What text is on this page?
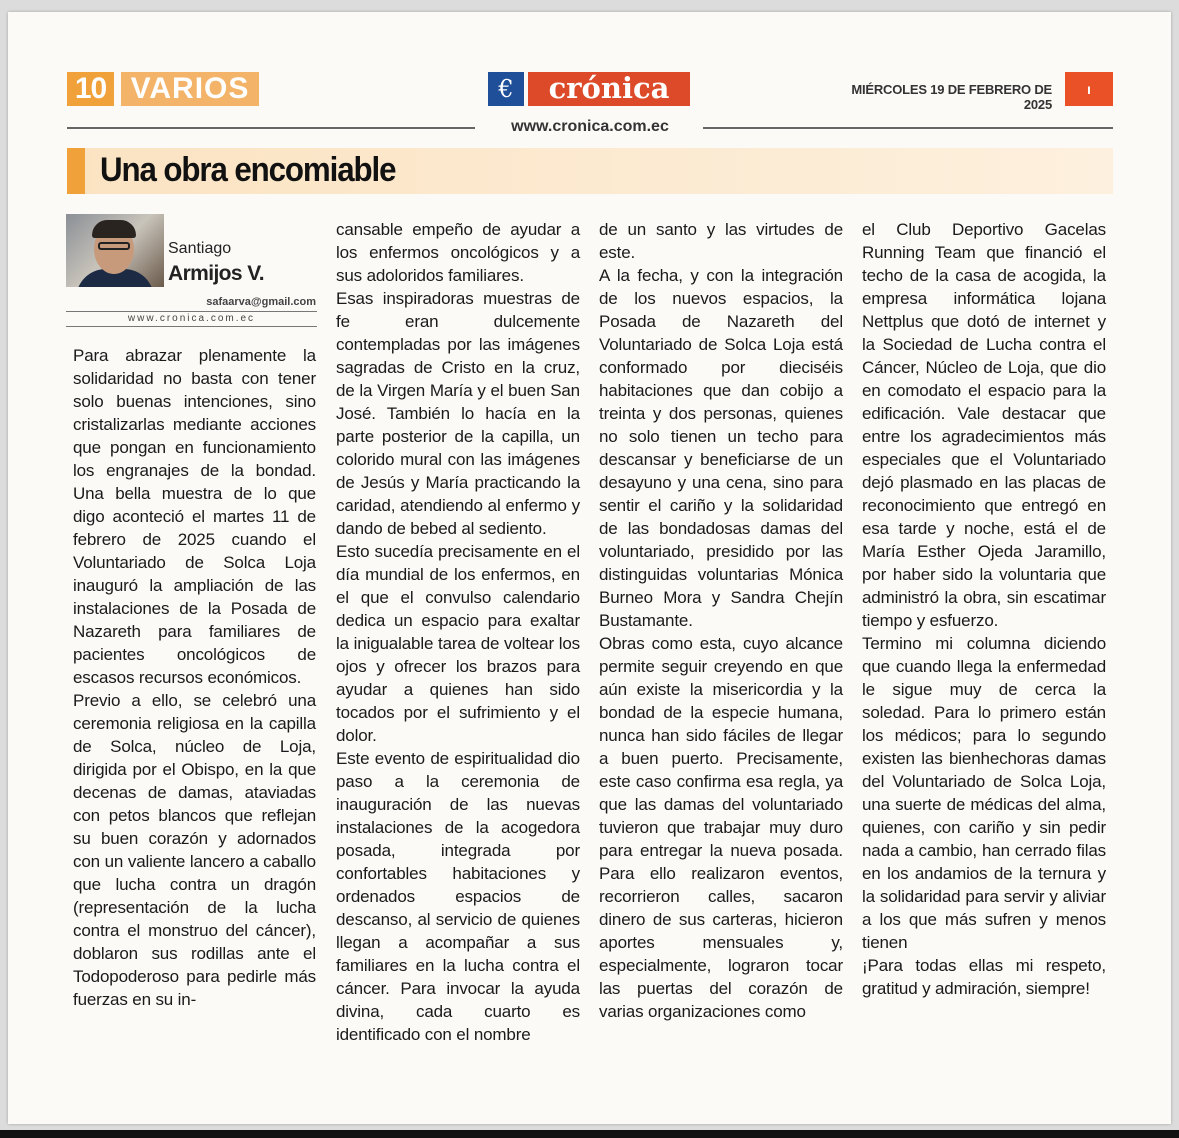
10 VARIOS	€	crónica	MIÉRCOLES 19 DE FEBRERO DE 2025
ı
www.cronica.com.ec
Una obra encomiable
Santiago
Armijos V.
safaarva@gmail.com
www.cronica.com.ec

Para abrazar plenamente la solidaridad no basta con tener solo buenas intenciones, sino cristalizarlas mediante acciones que pongan en funcionamiento los engranajes de la bondad. Una bella muestra de lo que digo aconteció el martes 11 de febrero de 2025 cuando el Voluntariado de Solca Loja inauguró la ampliación de las instalaciones de la Posada de Nazareth para familiares de pacientes oncológicos de escasos recursos económicos.

Previo a ello, se celebró una ceremonia religiosa en la capilla de Solca, núcleo de Loja, dirigida por el Obispo, en la que decenas de damas, ataviadas con petos blancos que reflejan su buen corazón y adornados con un valiente lancero a caballo que lucha contra un dragón (representación de la lucha contra el monstruo del cáncer), doblaron sus rodillas ante el Todopoderoso para pedirle más fuerzas en su in-

cansable empeño de ayudar a los enfermos oncológicos y a sus adoloridos familiares.

Esas inspiradoras muestras de fe eran dulcemente contempladas por las imágenes sagradas de Cristo en la cruz, de la Virgen María y el buen San José. También lo hacía en la parte posterior de la capilla, un colorido mural con las imágenes de Jesús y María practicando la caridad, atendiendo al enfermo y dando de bebed al sediento.

Esto sucedía precisamente en el día mundial de los enfermos, en el que el convulso calendario dedica un espacio para exaltar la inigualable tarea de voltear los ojos y ofrecer los brazos para ayudar a quienes han sido tocados por el sufrimiento y el dolor.

Este evento de espiritualidad dio paso a la ceremonia de inauguración de las nuevas instalaciones de la acogedora posada, integrada por confortables habitaciones y ordenados espacios de descanso, al servicio de quienes llegan a acompañar a sus familiares en la lucha contra el cáncer. Para invocar la ayuda divina, cada cuarto es identificado con el nombre

de un santo y las virtudes de este.

A la fecha, y con la integración de los nuevos espacios, la Posada de Nazareth del Voluntariado de Solca Loja está conformado por dieciséis habitaciones que dan cobijo a treinta y dos personas, quienes no solo tienen un techo para descansar y beneficiarse de un desayuno y una cena, sino para sentir el cariño y la solidaridad de las bondadosas damas del voluntariado, presidido por las distinguidas voluntarias Mónica Burneo Mora y Sandra Chejín Bustamante.

Obras como esta, cuyo alcance permite seguir creyendo en que aún existe la misericordia y la bondad de la especie humana, nunca han sido fáciles de llegar a buen puerto. Precisamente, este caso confirma esa regla, ya que las damas del voluntariado tuvieron que trabajar muy duro para entregar la nueva posada. Para ello realizaron eventos, recorrieron calles, sacaron dinero de sus carteras, hicieron aportes mensuales y, especialmente, lograron tocar las puertas del corazón de varias organizaciones como

el Club Deportivo Gacelas Running Team que financió el techo de la casa de acogida, la empresa informática lojana Nettplus que dotó de internet y la Sociedad de Lucha contra el Cáncer, Núcleo de Loja, que dio en comodato el espacio para la edificación. Vale destacar que entre los agradecimientos más especiales que el Voluntariado dejó plasmado en las placas de reconocimiento que entregó en esa tarde y noche, está el de María Esther Ojeda Jaramillo, por haber sido la voluntaria que administró la obra, sin escatimar tiempo y esfuerzo.

Termino mi columna diciendo que cuando llega la enfermedad le sigue muy de cerca la soledad. Para lo primero están los médicos; para lo segundo existen las bienhechoras damas del Voluntariado de Solca Loja, una suerte de médicas del alma, quienes, con cariño y sin pedir nada a cambio, han cerrado filas en los andamios de la ternura y la solidaridad para servir y aliviar a los que más sufren y menos tienen

¡Para todas ellas mi respeto, gratitud y admiración, siempre!
